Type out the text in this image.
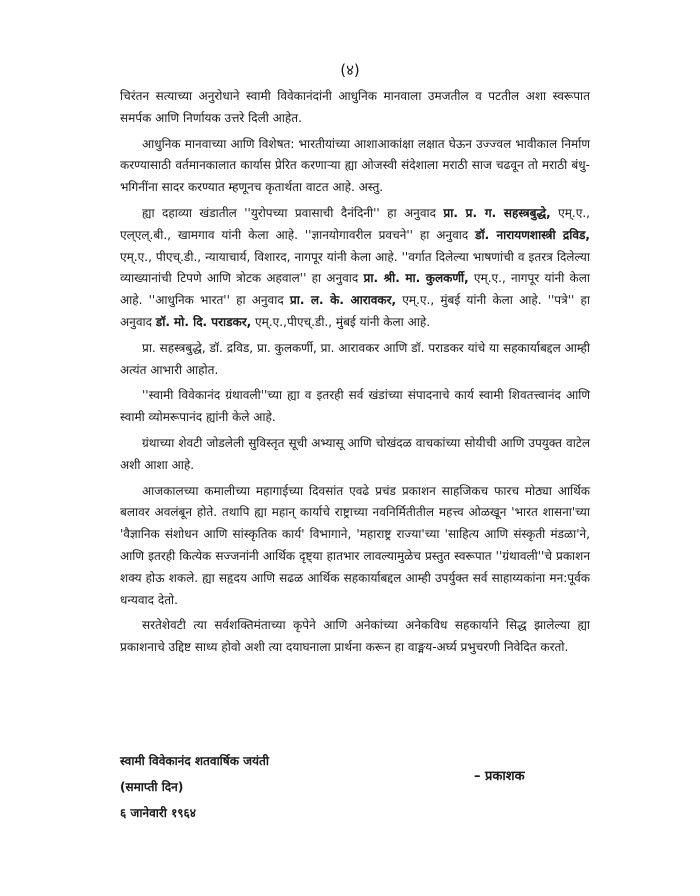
(४)

चिरंतन सत्याच्या अनुरोधाने स्वामी विवेकानंदांनी आधुनिक मानवाला उमजतील व पटतील अशा स्वरूपात समर्पक आणि निर्णायक उत्तरे दिली आहेत.

आधुनिक मानवाच्या आणि विशेषत: भारतीयांच्या आशाआकांक्षा लक्षात घेऊन उज्ज्वल भावीकाल निर्माण करण्यासाठी वर्तमानकालात कार्यास प्रेरित करणाऱ्या ह्या ओजस्वी संदेशाला मराठी साज चढवून तो मराठी बंधु-भगिनींना सादर करण्यात म्हणूनच कृतार्थता वाटत आहे. अस्तु.

ह्या दहाव्या खंडातील ''युरोपच्या प्रवासाची दैनंदिनी'' हा अनुवाद प्रा. प्र. ग. सहस्त्रबुद्धे, एम्‌.ए., एल्‌एल्‌.बी., खामगाव यांनी केला आहे. ''ज्ञानयोगावरील प्रवचने'' हा अनुवाद डॉ. नारायणशास्त्री द्रविड, एम्‌.ए., पीएच्‌.डी., न्यायाचार्य, विशारद, नागपूर यांनी केला आहे. ''वर्गात दिलेल्या भाषणांची व इतरत्र दिलेल्या व्याख्यानांची टिपणे आणि त्रोटक अहवाल'' हा अनुवाद प्रा. श्री. मा. कुलकर्णी, एम्‌.ए., नागपूर यांनी केला आहे. ''आधुनिक भारत'' हा अनुवाद प्रा. ल. के. आरावकर, एम्‌.ए., मुंबई यांनी केला आहे. ''पत्रे'' हा अनुवाद डॉ. मो. दि. पराडकर, एम्‌.ए.,पीएच्‌.डी., मुंबई यांनी केला आहे.

प्रा. सहस्त्रबुद्धे, डॉ. द्रविड, प्रा. कुलकर्णी, प्रा. आरावकर आणि डॉ. पराडकर यांचे या सहकार्याबद्दल आम्ही अत्यंत आभारी आहोत.

''स्वामी विवेकानंद ग्रंथावली''च्या ह्या व इतरही सर्व खंडांच्या संपादनाचे कार्य स्वामी शिवतत्त्वानंद आणि स्वामी व्योमरूपानंद ह्यांनी केले आहे.

ग्रंथाच्या शेवटी जोडलेली सुविस्तृत सूची अभ्यासू आणि चोखंदळ वाचकांच्या सोयीची आणि उपयुक्त वाटेल अशी आशा आहे.

आजकालच्या कमालीच्या महागाईच्या दिवसांत एवढे प्रचंड प्रकाशन साहजिकच फारच मोठ्या आर्थिक बलावर अवलंबून होते. तथापि ह्या महान्‌ कार्याचे राष्ट्राच्या नवनिर्मितीतील महत्त्व ओळखून 'भारत शासना'च्या 'वैज्ञानिक संशोधन आणि सांस्कृतिक कार्य' विभागाने, 'महाराष्ट्र राज्या'च्या 'साहित्य आणि संस्कृती मंडळा'ने, आणि इतरही कित्येक सज्जनांनी आर्थिक दृष्ट्या हातभार लावल्यामुळेच प्रस्तुत स्वरूपात ''ग्रंथावली''चे प्रकाशन शक्य होऊ शकले. ह्या सहृदय आणि सढळ आर्थिक सहकार्याबद्दल आम्ही उपर्युक्त सर्व साहाय्यकांना मन:पूर्वक धन्यवाद देतो.

सरतेशेवटी त्या सर्वशक्तिमंताच्या कृपेने आणि अनेकांच्या अनेकविध सहकार्याने सिद्ध झालेल्या ह्या प्रकाशनाचे उद्दिष्ट साध्य होवो अशी त्या दयाघनाला प्रार्थना करून हा वाङ्मय-अर्घ्य प्रभुचरणी निवेदित करतो.

स्वामी विवेकानंद शतवार्षिक जयंती
(समाप्ती दिन)
६ जानेवारी १९६४
– प्रकाशक
